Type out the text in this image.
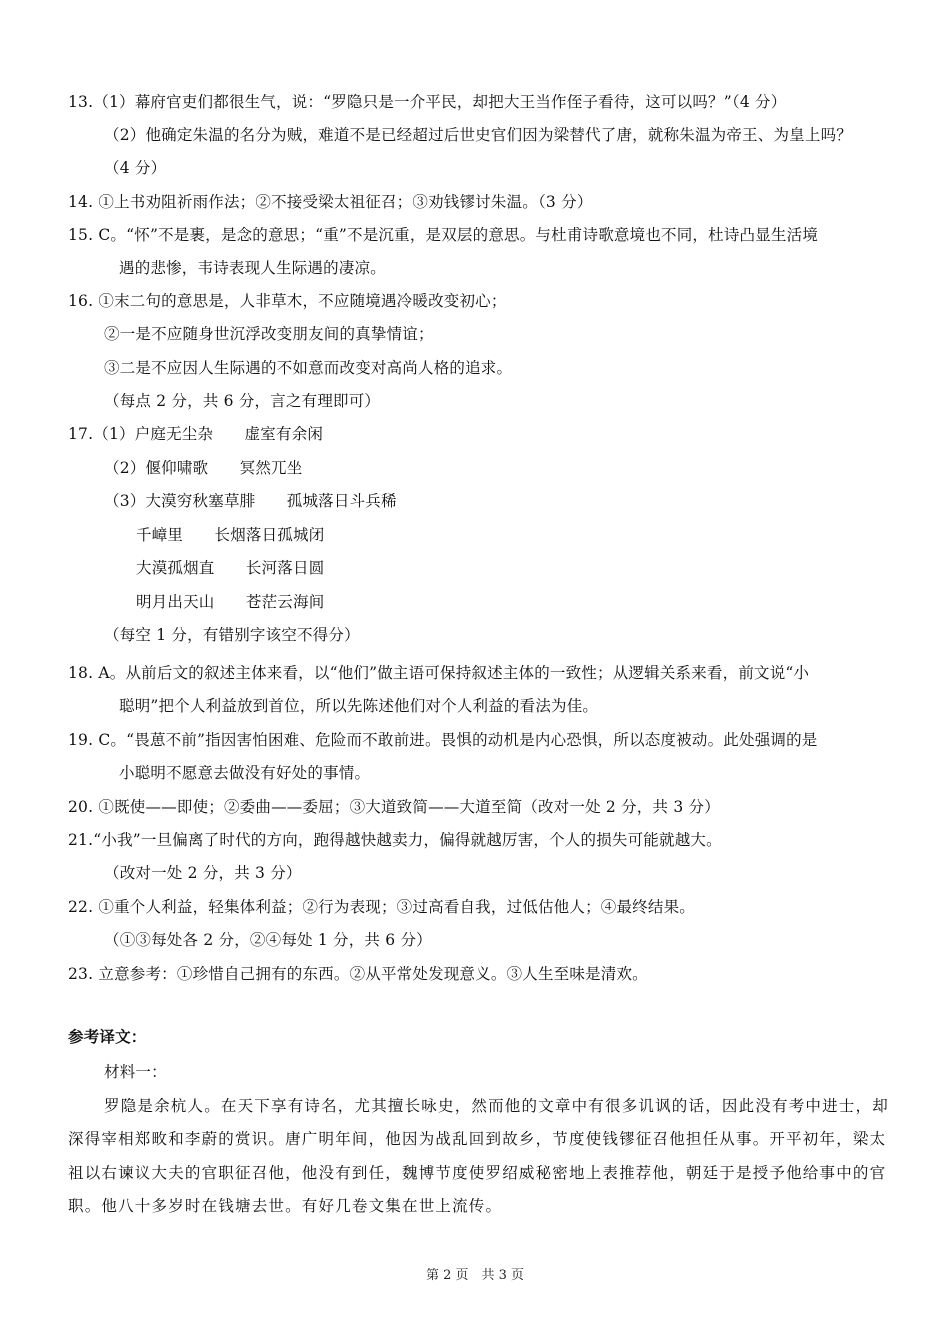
13.（1）幕府官吏们都很生气，说：“罗隐只是一介平民，却把大王当作侄子看待，这可以吗？”（4 分）
（2）他确定朱温的名分为贼，难道不是已经超过后世史官们因为梁替代了唐，就称朱温为帝王、为皇上吗？
（4 分）
14. ①上书劝阻祈雨作法；②不接受梁太祖征召；③劝钱镠讨朱温。（3 分）
15. C。“怀”不是裹，是念的意思；“重”不是沉重，是双层的意思。与杜甫诗歌意境也不同，杜诗凸显生活境
遇的悲惨，韦诗表现人生际遇的凄凉。
16. ①末二句的意思是，人非草木，不应随境遇冷暖改变初心；
②一是不应随身世沉浮改变朋友间的真挚情谊；
③二是不应因人生际遇的不如意而改变对高尚人格的追求。
（每点 2 分，共 6 分，言之有理即可）
17.（1）户庭无尘杂　　虚室有余闲
（2）偃仰啸歌　　冥然兀坐
（3）大漠穷秋塞草腓　　孤城落日斗兵稀
千嶂里　　长烟落日孤城闭
大漠孤烟直　　长河落日圆
明月出天山　　苍茫云海间
（每空 1 分，有错别字该空不得分）
18. A。从前后文的叙述主体来看，以“他们”做主语可保持叙述主体的一致性；从逻辑关系来看，前文说“小
聪明”把个人利益放到首位，所以先陈述他们对个人利益的看法为佳。
19. C。“畏葸不前”指因害怕困难、危险而不敢前进。畏惧的动机是内心恐惧，所以态度被动。此处强调的是
小聪明不愿意去做没有好处的事情。
20. ①既使——即使；②委曲——委屈；③大道致简——大道至简（改对一处 2 分，共 3 分）
21.“小我”一旦偏离了时代的方向，跑得越快越卖力，偏得就越厉害，个人的损失可能就越大。
（改对一处 2 分，共 3 分）
22. ①重个人利益，轻集体利益；②行为表现；③过高看自我，过低估他人；④最终结果。
（①③每处各 2 分，②④每处 1 分，共 6 分）
23. 立意参考：①珍惜自己拥有的东西。②从平常处发现意义。③人生至味是清欢。
参考译文：
材料一：
罗隐是余杭人。在天下享有诗名，尤其擅长咏史，然而他的文章中有很多讥讽的话，因此没有考中进士，却
深得宰相郑畋和李蔚的赏识。唐广明年间，他因为战乱回到故乡，节度使钱镠征召他担任从事。开平初年，梁太
祖以右谏议大夫的官职征召他，他没有到任，魏博节度使罗绍威秘密地上表推荐他，朝廷于是授予他给事中的官
职。他八十多岁时在钱塘去世。有好几卷文集在世上流传。
第 2 页　共 3 页
